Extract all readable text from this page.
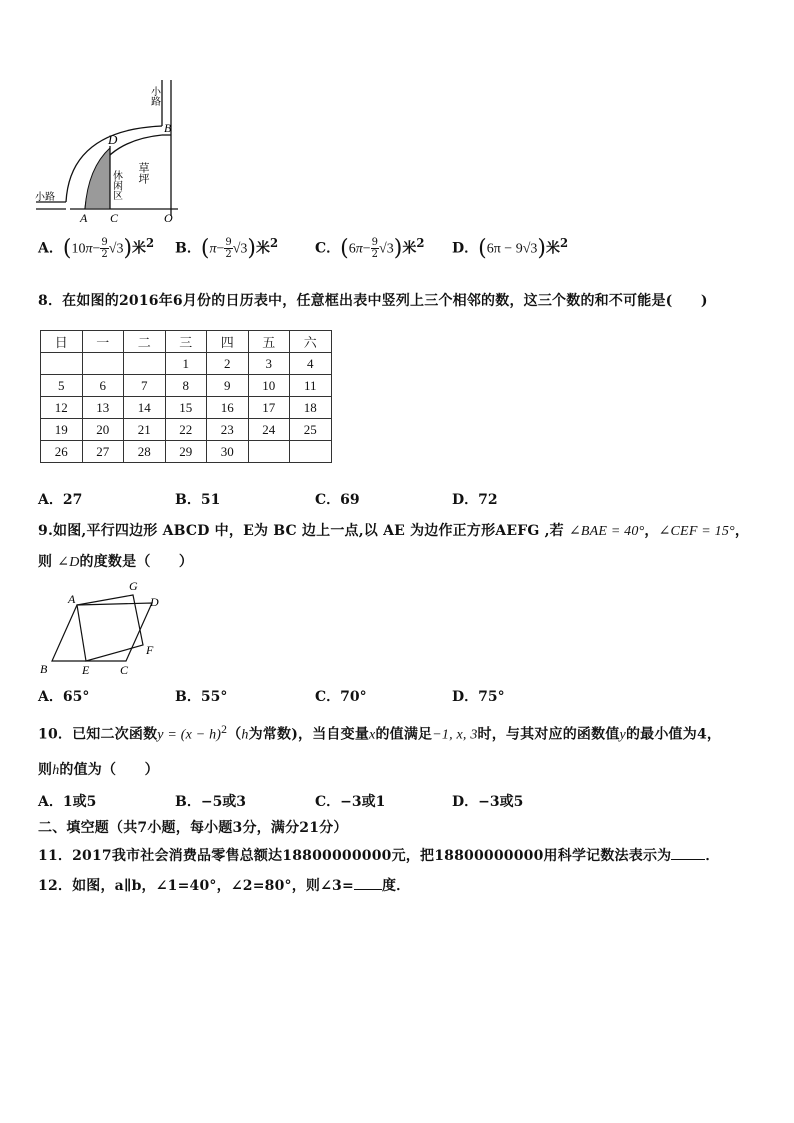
小路
B
D
休闲区 草坪
小路
A C	O
A．$(10\pi- \frac{9}{2} √3)$米$^2$ B．$(\pi- \frac{9}{2} √3)$米$^2$	C．$(6\pi- \frac{9}{2} √3)$米$^2$ D．(6π − 9√3)米$^2$
8．在如图的2016年6月份的日历表中，任意框出表中竖列上三个相邻的数，这三个数的和不可能是(　　)
日	一	二	三	四	五	六
			1	2	3	4
5	6	7	8	9	10	11
12	13	14	15	16	17	18
19	20	21	22	23	24	25
26	27	28	29	30		
A．27	B．51	C．69	D．72
9.如图,平行四边形 ABCD 中，E为 BC 边上一点,以 AE 为边作正方形AEFG ,若 ∠BAE = 40°，∠CEF = 15°，
则 ∠D的度数是（　　）
A
G
D
B	E	C
F
A．65°	B．55°	C．70°	D．75°
10．已知二次函数$y = (x - h)^2(h$为常数)，当自变量x的值满足−1, x, 3时，与其对应的函数值y的最小值为4，
则h的值为（　　）
A．1或5	B．−5或3	C．−3或1	D．−3或5
二、填空题（共7小题，每小题3分，满分21分）
11．2017我市社会消费品零售总额达18800000000元，把18800000000用科学记数法表示为 ．
12．如图，a∥b，∠1=40°，∠2=80°，则∠3= 度．
